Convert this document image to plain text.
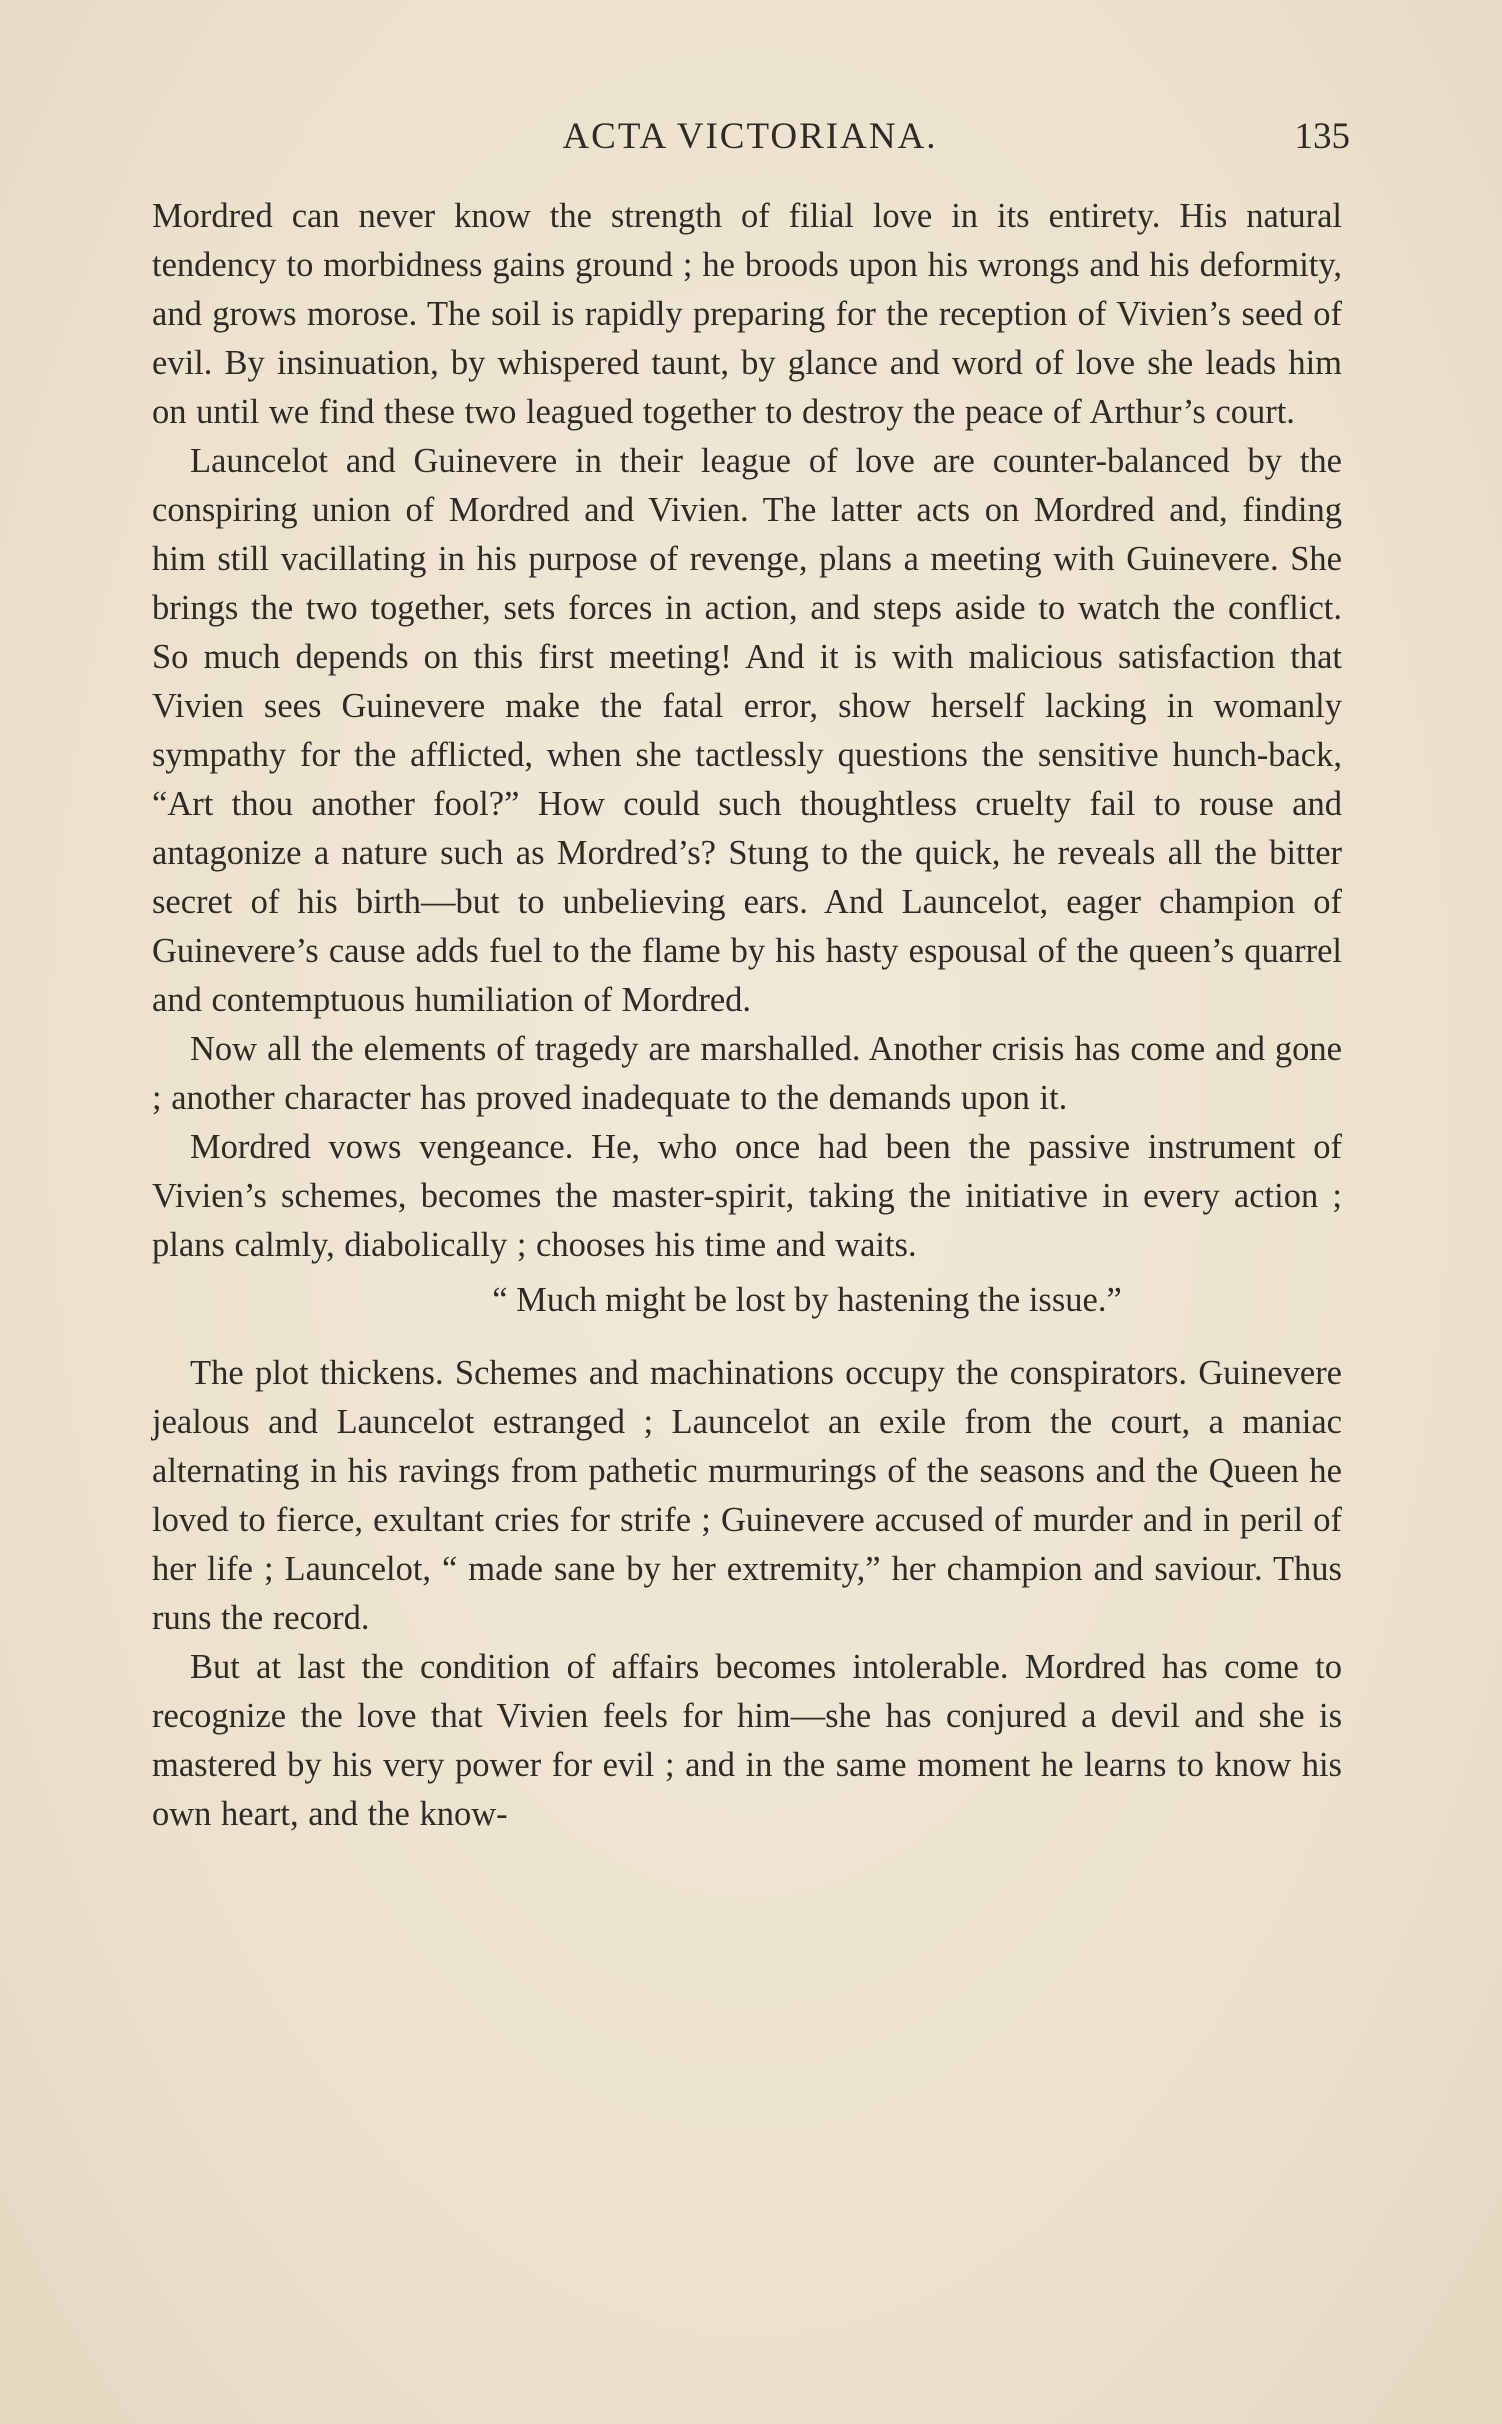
ACTA VICTORIANA.	135

Mordred can never know the strength of filial love in its entirety. His natural tendency to morbidness gains ground ; he broods upon his wrongs and his deformity, and grows morose. The soil is rapidly preparing for the reception of Vivien’s seed of evil. By insinuation, by whispered taunt, by glance and word of love she leads him on until we find these two leagued together to destroy the peace of Arthur’s court.

Launcelot and Guinevere in their league of love are counter-balanced by the conspiring union of Mordred and Vivien. The latter acts on Mordred and, finding him still vacillating in his purpose of revenge, plans a meeting with Guinevere. She brings the two together, sets forces in action, and steps aside to watch the conflict. So much depends on this first meeting! And it is with malicious satisfaction that Vivien sees Guinevere make the fatal error, show herself lacking in womanly sympathy for the afflicted, when she tactlessly questions the sensitive hunch-back, “Art thou another fool?” How could such thoughtless cruelty fail to rouse and antagonize a nature such as Mordred’s? Stung to the quick, he reveals all the bitter secret of his birth—but to unbelieving ears. And Launcelot, eager champion of Guinevere’s cause adds fuel to the flame by his hasty espousal of the queen’s quarrel and contemptuous humiliation of Mordred.

Now all the elements of tragedy are marshalled. Another crisis has come and gone ; another character has proved inadequate to the demands upon it.

Mordred vows vengeance. He, who once had been the passive instrument of Vivien’s schemes, becomes the master-spirit, taking the initiative in every action ; plans calmly, diabolically ; chooses his time and waits.

“ Much might be lost by hastening the issue.”

The plot thickens. Schemes and machinations occupy the conspirators. Guinevere jealous and Launcelot estranged ; Launcelot an exile from the court, a maniac alternating in his ravings from pathetic murmurings of the seasons and the Queen he loved to fierce, exultant cries for strife ; Guinevere accused of murder and in peril of her life ; Launcelot, “ made sane by her extremity,” her champion and saviour. Thus runs the record.

But at last the condition of affairs becomes intolerable. Mordred has come to recognize the love that Vivien feels for him—she has conjured a devil and she is mastered by his very power for evil ; and in the same moment he learns to know his own heart, and the know-
